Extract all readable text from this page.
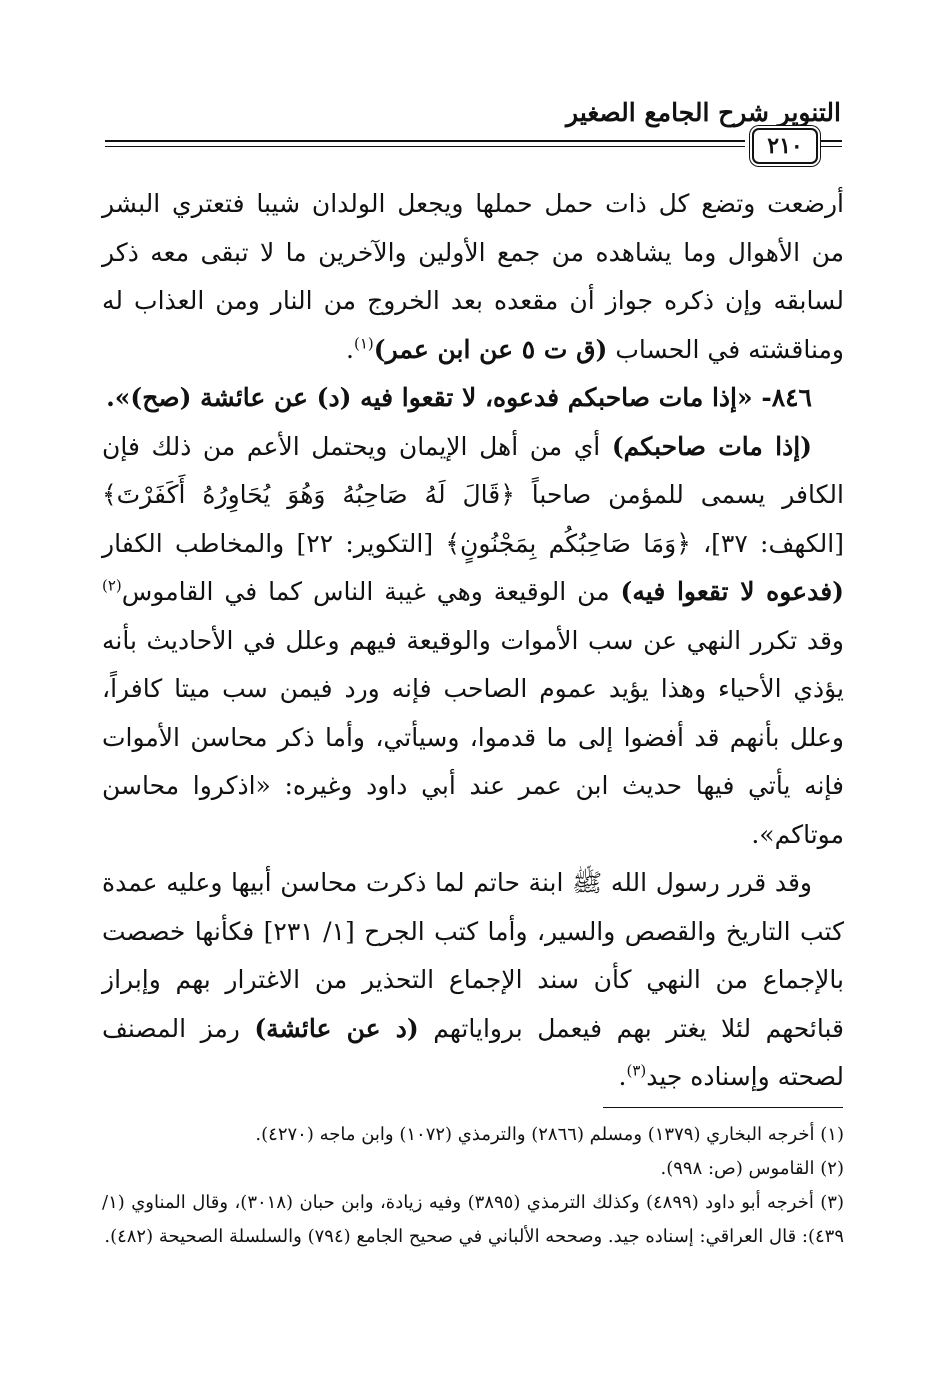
التنوير شرح الجامع الصغير
٢١٠

أرضعت وتضع كل ذات حمل حملها ويجعل الولدان شيبا فتعتري البشر من الأهوال وما يشاهده من جمع الأولين والآخرين ما لا تبقى معه ذكر لسابقه وإن ذكره جواز أن مقعده بعد الخروج من النار ومن العذاب له ومناقشته في الحساب (ق ت ٥ عن ابن عمر)$^{(١)}$.

٨٤٦- «إذا مات صاحبكم فدعوه، لا تقعوا فيه (د) عن عائشة (صح)».

(إذا مات صاحبكم) أي من أهل الإيمان ويحتمل الأعم من ذلك فإن الكافر يسمى للمؤمن صاحباً ﴿قَالَ لَهُ صَاحِبُهُ وَهُوَ يُحَاوِرُهُ أَكَفَرْتَ﴾ [الكهف: ٣٧]، ﴿وَمَا صَاحِبُكُم بِمَجْنُونٍ﴾ [التكوير: ٢٢] والمخاطب الكفار (فدعوه لا تقعوا فيه) من الوقيعة وهي غيبة الناس كما في القاموس$^{(٢)}$ وقد تكرر النهي عن سب الأموات والوقيعة فيهم وعلل في الأحاديث بأنه يؤذي الأحياء وهذا يؤيد عموم الصاحب فإنه ورد فيمن سب ميتا كافراً، وعلل بأنهم قد أفضوا إلى ما قدموا، وسيأتي، وأما ذكر محاسن الأموات فإنه يأتي فيها حديث ابن عمر عند أبي داود وغيره: «اذكروا محاسن موتاكم».

وقد قرر رسول الله ﷺ ابنة حاتم لما ذكرت محاسن أبيها وعليه عمدة كتب التاريخ والقصص والسير، وأما كتب الجرح [١/ ٢٣١] فكأنها خصصت بالإجماع من النهي كأن سند الإجماع التحذير من الاغترار بهم وإبراز قبائحهم لئلا يغتر بهم فيعمل برواياتهم (د عن عائشة) رمز المصنف لصحته وإسناده جيد$^{(٣)}$.

(١) أخرجه البخاري (١٣٧٩) ومسلم (٢٨٦٦) والترمذي (١٠٧٢) وابن ماجه (٤٢٧٠).

(٢) القاموس (ص: ٩٩٨).

(٣) أخرجه أبو داود (٤٨٩٩) وكذلك الترمذي (٣٨٩٥) وفيه زيادة، وابن حبان (٣٠١٨)، وقال المناوي (١/ ٤٣٩): قال العراقي: إسناده جيد. وصححه الألباني في صحيح الجامع (٧٩٤) والسلسلة الصحيحة (٤٨٢).
